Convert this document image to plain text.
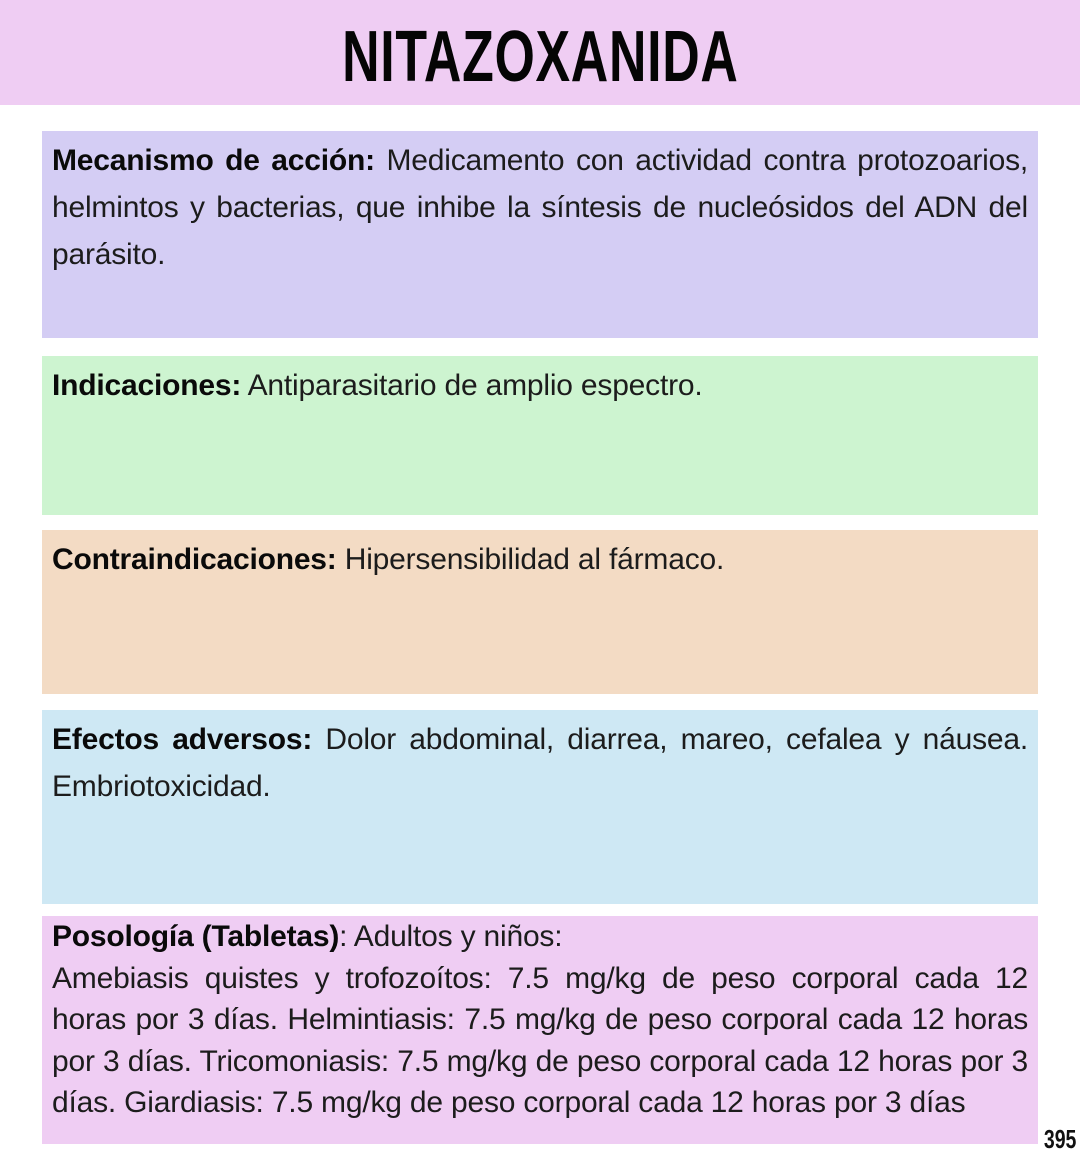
NITAZOXANIDA
Mecanismo de acción: Medicamento con actividad contra protozoarios, helmintos y bacterias, que inhibe la síntesis de nucleósidos del ADN del parásito.
Indicaciones: Antiparasitario de amplio espectro.
Contraindicaciones: Hipersensibilidad al fármaco.
Efectos adversos: Dolor abdominal, diarrea, mareo, cefalea y náusea. Embriotoxicidad.
Posología (Tabletas): Adultos y niños:
Amebiasis quistes y trofozoítos: 7.5 mg/kg de peso corporal cada 12 horas por 3 días. Helmintiasis: 7.5 mg/kg de peso corporal cada 12 horas por 3 días. Tricomoniasis: 7.5 mg/kg de peso corporal cada 12 horas por 3 días. Giardiasis: 7.5 mg/kg de peso corporal cada 12 horas por 3 días
395
